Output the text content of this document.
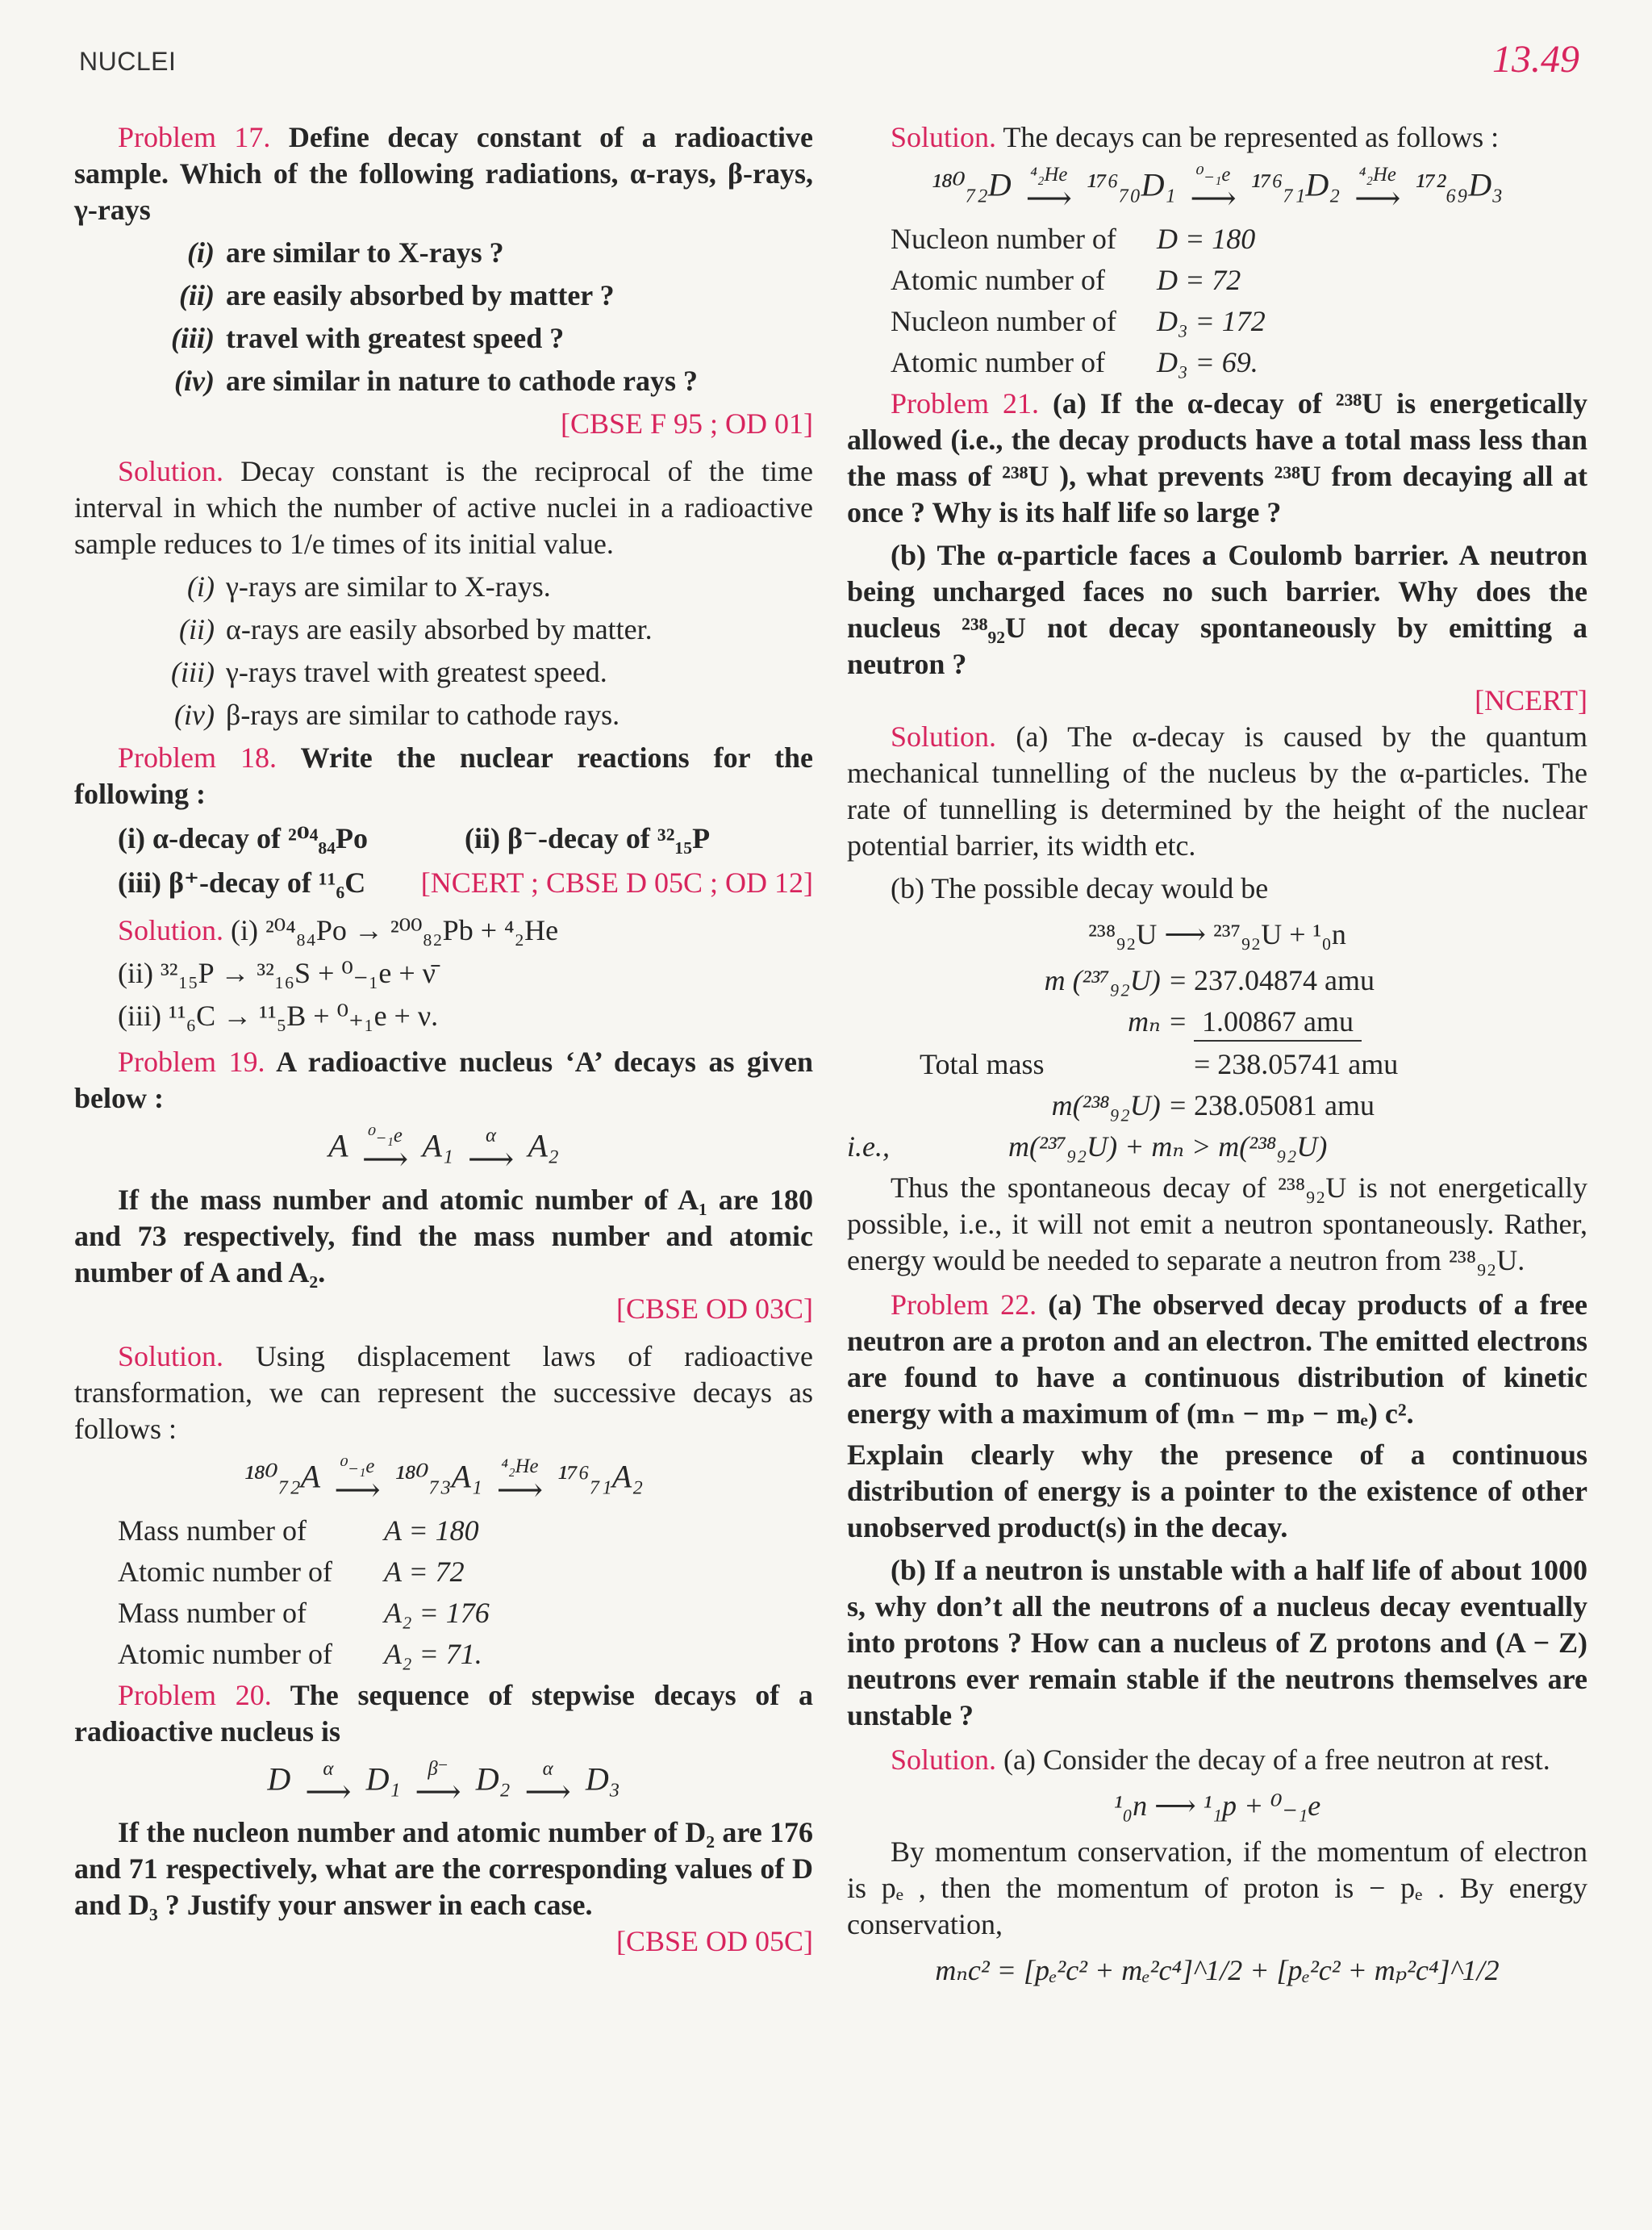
NUCLEI	13.49

Problem 17. Define decay constant of a radioactive sample. Which of the following radiations, α-rays, β-rays, γ-rays

(i) are similar to X-rays ?
(ii) are easily absorbed by matter ?
(iii) travel with greatest speed ?
(iv) are similar in nature to cathode rays ?

[CBSE F 95 ; OD 01]

Solution. Decay constant is the reciprocal of the time interval in which the number of active nuclei in a radioactive sample reduces to 1/e times of its initial value.

(i) γ-rays are similar to X-rays.
(ii) α-rays are easily absorbed by matter.
(iii) γ-rays travel with greatest speed.
(iv) β-rays are similar to cathode rays.

Problem 18. Write the nuclear reactions for the following :

(i) α-decay of ²⁰⁴₈₄Po	(ii) β⁻-decay of ³²₁₅P

(iii) β⁺-decay of ¹¹₆C [NCERT ; CBSE D 05C ; OD 12]

Solution. (i) ²⁰⁴₈₄Po → ²⁰⁰₈₂Pb + ⁴₂He

(ii) ³²₁₅P → ³²₁₆S + ⁰₋₁e + ν̄

(iii) ¹¹₆C → ¹¹₅B + ⁰₊₁e + ν.

Problem 19. A radioactive nucleus ‘A’ decays as given below :

A ⁰₋₁e
⟶ A₁ α
⟶ A₂

If the mass number and atomic number of A₁ are 180 and 73 respectively, find the mass number and atomic number of A and A₂.

[CBSE OD 03C]

Solution. Using displacement laws of radioactive transformation, we can represent the successive decays as follows :

¹⁸⁰₇₂A ⁰₋₁e
⟶ ¹⁸⁰₇₃A₁ ⁴₂He
⟶ ¹⁷⁶₇₁A₂
Mass number of	A = 180
Atomic number of	A = 72
Mass number of	A₂ = 176
Atomic number of	A₂ = 71.

Problem 20. The sequence of stepwise decays of a radioactive nucleus is

D α
⟶ D₁ β⁻
⟶ D₂ α
⟶ D₃

If the nucleon number and atomic number of D₂ are 176 and 71 respectively, what are the corresponding values of D and D₃ ? Justify your answer in each case.

[CBSE OD 05C]

Solution. The decays can be represented as follows :

¹⁸⁰₇₂D ⁴₂He
⟶ ¹⁷⁶₇₀D₁ ⁰₋₁e
⟶ ¹⁷⁶₇₁D₂ ⁴₂He
⟶ ¹⁷²₆₉D₃
Nucleon number of	D = 180
Atomic number of	D = 72
Nucleon number of	D₃ = 172
Atomic number of	D₃ = 69.

Problem 21. (a) If the α-decay of ²³⁸U is energetically allowed (i.e., the decay products have a total mass less than the mass of ²³⁸U ), what prevents ²³⁸U from decaying all at once ? Why is its half life so large ?

(b) The α-particle faces a Coulomb barrier. A neutron being uncharged faces no such barrier. Why does the nucleus ²³⁸₉₂U not decay spontaneously by emitting a neutron ?

[NCERT]

Solution. (a) The α-decay is caused by the quantum mechanical tunnelling of the nucleus by the α-particles. The rate of tunnelling is determined by the height of the nuclear potential barrier, its width etc.

(b) The possible decay would be

²³⁸₉₂U ⟶ ²³⁷₉₂U + ¹₀n
m (²³⁷₉₂U) = 237.04874 amu
mₙ = 1.00867 amu
Total mass	= 238.05741 amu
m(²³⁸₉₂U) = 238.05081 amu
i.e.,	m(²³⁷₉₂U) + mₙ > m(²³⁸₉₂U)

Thus the spontaneous decay of ²³⁸₉₂U is not energetically possible, i.e., it will not emit a neutron spontaneously. Rather, energy would be needed to separate a neutron from ²³⁸₉₂U.

Problem 22. (a) The observed decay products of a free neutron are a proton and an electron. The emitted electrons are found to have a continuous distribution of kinetic energy with a maximum of (mₙ − mₚ − mₑ) c².

Explain clearly why the presence of a continuous distribution of energy is a pointer to the existence of other unobserved product(s) in the decay.

(b) If a neutron is unstable with a half life of about 1000 s, why don’t all the neutrons of a nucleus decay eventually into protons ? How can a nucleus of Z protons and (A − Z) neutrons ever remain stable if the neutrons themselves are unstable ?

Solution. (a) Consider the decay of a free neutron at rest.

¹₀n ⟶ ¹₁p + ⁰₋₁e

By momentum conservation, if the momentum of electron is pₑ , then the momentum of proton is − pₑ . By energy conservation,

mₙc² = [pₑ²c² + mₑ²c⁴]^1/2 + [pₑ²c² + mₚ²c⁴]^1/2
